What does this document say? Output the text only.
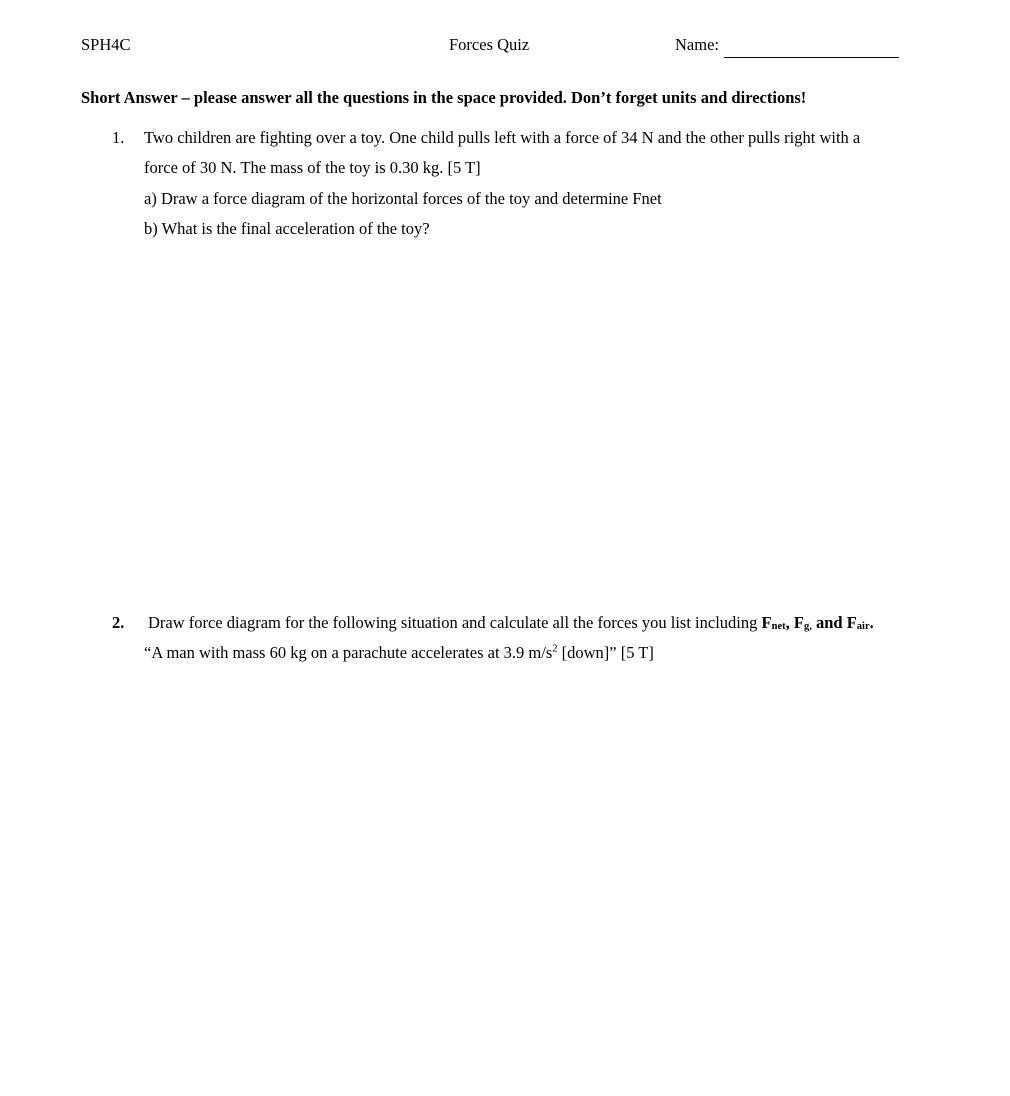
SPH4C	Forces Quiz	Name:
Short Answer – please answer all the questions in the space provided. Don’t forget units and directions!
1. Two children are fighting over a toy. One child pulls left with a force of 34 N and the other pulls right with a
force of 30 N. The mass of the toy is 0.30 kg. [5 T]
a) Draw a force diagram of the horizontal forces of the toy and determine Fnet
b) What is the final acceleration of the toy?
2. Draw force diagram for the following situation and calculate all the forces you list including Fnet, Fg, and Fair.
“A man with mass 60 kg on a parachute accelerates at 3.9 $m/s^2$ [down]” [5 T]
